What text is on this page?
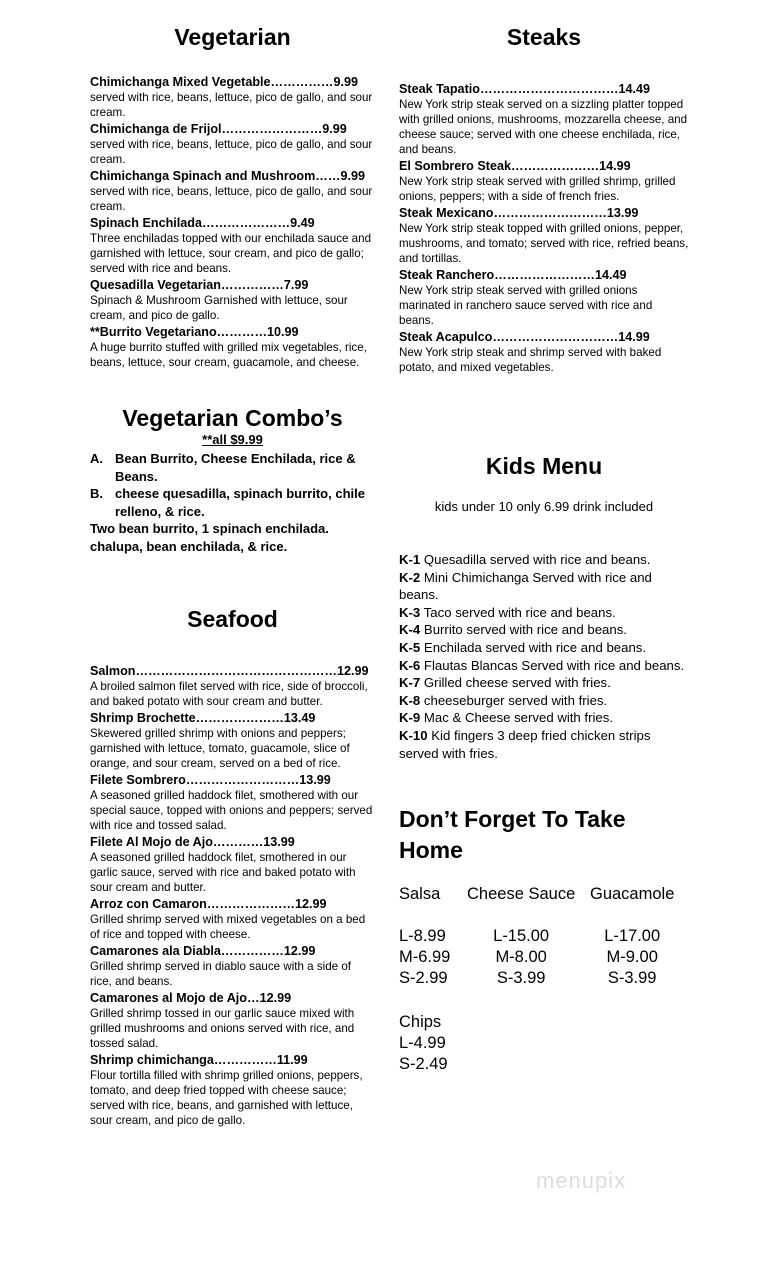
Vegetarian
Chimichanga Mixed Vegetable……………9.99
served with rice, beans, lettuce, pico de gallo, and sour cream.
Chimichanga de Frijol……………………9.99
served with rice, beans, lettuce, pico de gallo, and sour cream.
Chimichanga Spinach and Mushroom……9.99
served with rice, beans, lettuce, pico de gallo, and sour cream.
Spinach Enchilada…………………9.49
Three enchiladas topped with our enchilada sauce and garnished with lettuce, sour cream, and pico de gallo; served with rice and beans.
Quesadilla Vegetarian……………7.99
Spinach & Mushroom Garnished with lettuce, sour cream, and pico de gallo.
**Burrito Vegetariano…………10.99
A huge burrito stuffed with grilled mix vegetables, rice, beans, lettuce, sour cream, guacamole, and cheese.
Vegetarian Combo’s
**all $9.99
A. Bean Burrito, Cheese Enchilada, rice & Beans.
B. cheese quesadilla, spinach burrito, chile relleno, & rice.
Two bean burrito, 1 spinach enchilada. chalupa, bean enchilada, & rice.
Seafood
Salmon…………………………………………12.99
A broiled salmon filet served with rice, side of broccoli, and baked potato with sour cream and butter.
Shrimp Brochette…………………13.49
Skewered grilled shrimp with onions and peppers; garnished with lettuce, tomato, guacamole, slice of orange, and sour cream, served on a bed of rice.
Filete Sombrero………………………13.99
A seasoned grilled haddock filet, smothered with our special sauce, topped with onions and peppers; served with rice and tossed salad.
Filete Al Mojo de Ajo…………13.99
A seasoned grilled haddock filet, smothered in our garlic sauce, served with rice and baked potato with sour cream and butter.
Arroz con Camaron…………………12.99
Grilled shrimp served with mixed vegetables on a bed of rice and topped with cheese.
Camarones ala Diabla……………12.99
Grilled shrimp served in diablo sauce with a side of rice, and beans.
Camarones al Mojo de Ajo…12.99
Grilled shrimp tossed in our garlic sauce mixed with grilled mushrooms and onions served with rice, and tossed salad.
Shrimp chimichanga……………11.99
Flour tortilla filled with shrimp grilled onions, peppers, tomato, and deep fried topped with cheese sauce; served with rice, beans, and garnished with lettuce, sour cream, and pico de gallo.
Steaks
Steak Tapatio……………………………14.49
New York strip steak served on a sizzling platter topped with grilled onions, mushrooms, mozzarella cheese, and cheese sauce; served with one cheese enchilada, rice, and beans.
El Sombrero Steak…………………14.99
New York strip steak served with grilled shrimp, grilled onions, peppers; with a side of french fries.
Steak Mexicano………………………13.99
New York strip steak topped with grilled onions, pepper, mushrooms, and tomato; served with rice, refried beans, and tortillas.
Steak Ranchero……………………14.49
New York strip steak served with grilled onions marinated in ranchero sauce served with rice and beans.
Steak Acapulco…………………………14.99
New York strip steak and shrimp served with baked potato, and mixed vegetables.
Kids Menu
kids under 10 only 6.99 drink included
K-1 Quesadilla served with rice and beans.
K-2 Mini Chimichanga Served with rice and beans.
K-3 Taco served with rice and beans.
K-4 Burrito served with rice and beans.
K-5 Enchilada served with rice and beans.
K-6 Flautas Blancas Served with rice and beans.
K-7 Grilled cheese served with fries.
K-8 cheeseburger served with fries.
K-9 Mac & Cheese served with fries.
K-10 Kid fingers 3 deep fried chicken strips served with fries.
Don’t Forget To Take
Home
Salsa
L-8.99
M-6.99
S-2.99
Cheese Sauce
L-15.00
M-8.00
S-3.99
Guacamole
L-17.00
M-9.00
S-3.99
Chips
L-4.99
S-2.49
menupix
